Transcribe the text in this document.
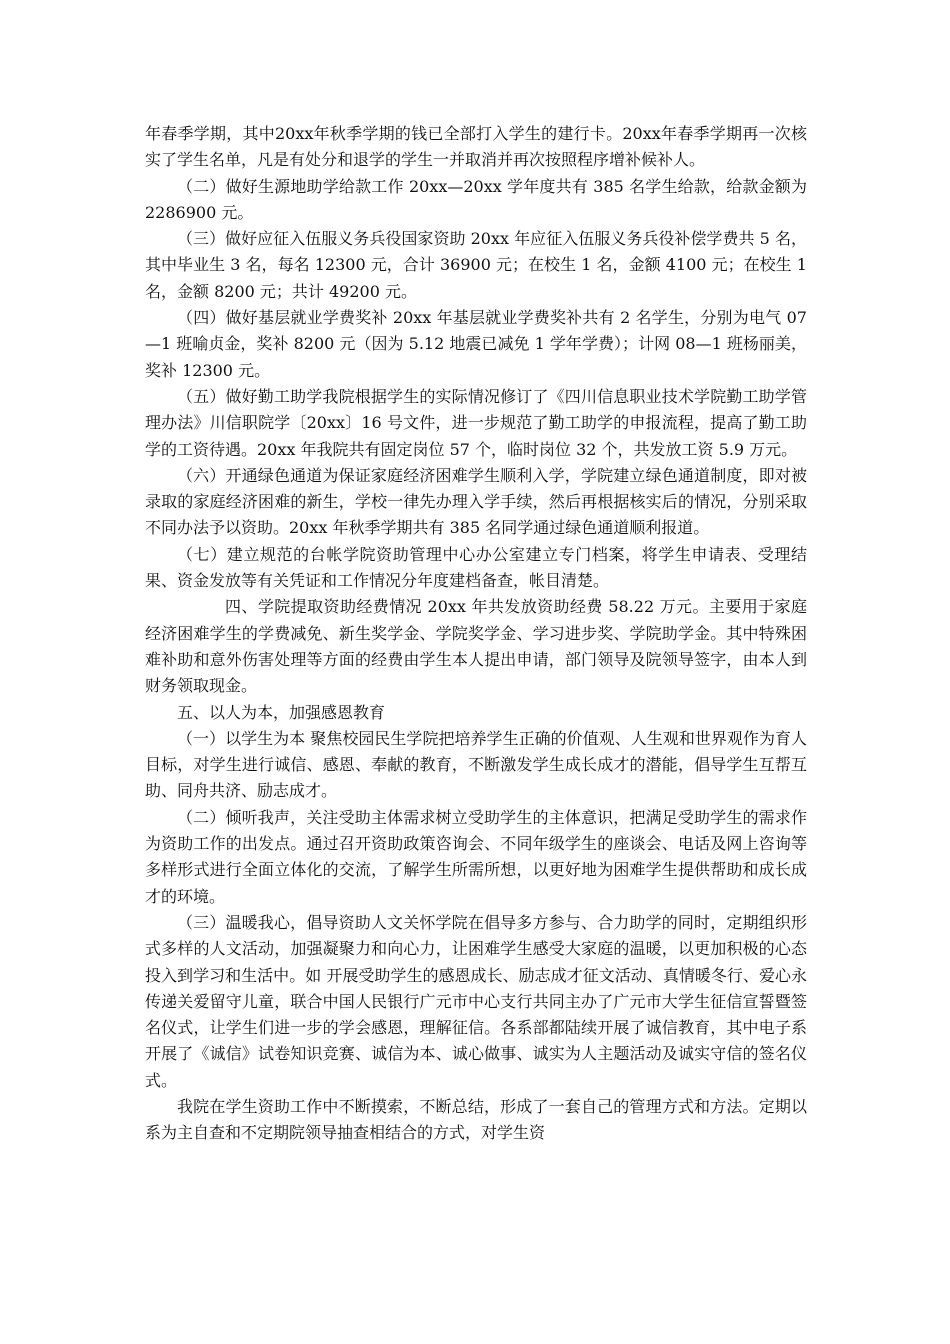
年春季学期，其中20xx年秋季学期的钱已全部打入学生的建行卡。20xx年春季学期再一次核实了学生名单，凡是有处分和退学的学生一并取消并再次按照程序增补候补人。

（二）做好生源地助学给款工作 20xx—20xx 学年度共有 385 名学生给款，给款金额为 2286900 元。

（三）做好应征入伍服义务兵役国家资助 20xx 年应征入伍服义务兵役补偿学费共 5 名，其中毕业生 3 名，每名 12300 元，合计 36900 元；在校生 1 名，金额 4100 元；在校生 1 名，金额 8200 元；共计 49200 元。

（四）做好基层就业学费奖补 20xx 年基层就业学费奖补共有 2 名学生，分别为电气 07—1 班喻贞金，奖补 8200 元（因为 5.12 地震已减免 1 学年学费）；计网 08—1 班杨丽美，奖补 12300 元。

（五）做好勤工助学我院根据学生的实际情况修订了《四川信息职业技术学院勤工助学管理办法》川信职院学〔20xx〕16 号文件，进一步规范了勤工助学的申报流程，提高了勤工助学的工资待遇。20xx 年我院共有固定岗位 57 个，临时岗位 32 个，共发放工资 5.9 万元。

（六）开通绿色通道为保证家庭经济困难学生顺利入学，学院建立绿色通道制度，即对被录取的家庭经济困难的新生，学校一律先办理入学手续，然后再根据核实后的情况，分别采取不同办法予以资助。20xx 年秋季学期共有 385 名同学通过绿色通道顺利报道。

（七）建立规范的台帐学院资助管理中心办公室建立专门档案，将学生申请表、受理结果、资金发放等有关凭证和工作情况分年度建档备查，帐目清楚。

四、学院提取资助经费情况 20xx 年共发放资助经费 58.22 万元。主要用于家庭经济困难学生的学费减免、新生奖学金、学院奖学金、学习进步奖、学院助学金。其中特殊困难补助和意外伤害处理等方面的经费由学生本人提出申请，部门领导及院领导签字，由本人到财务领取现金。

五、以人为本，加强感恩教育

（一）以学生为本 聚焦校园民生学院把培养学生正确的价值观、人生观和世界观作为育人目标，对学生进行诚信、感恩、奉献的教育，不断激发学生成长成才的潜能，倡导学生互帮互助、同舟共济、励志成才。

（二）倾听我声，关注受助主体需求树立受助学生的主体意识，把满足受助学生的需求作为资助工作的出发点。通过召开资助政策咨询会、不同年级学生的座谈会、电话及网上咨询等多样形式进行全面立体化的交流，了解学生所需所想，以更好地为困难学生提供帮助和成长成才的环境。

（三）温暖我心，倡导资助人文关怀学院在倡导多方参与、合力助学的同时，定期组织形式多样的人文活动，加强凝聚力和向心力，让困难学生感受大家庭的温暖，以更加积极的心态投入到学习和生活中。如 开展受助学生的感恩成长、励志成才征文活动、真情暖冬行、爱心永传递关爱留守儿童，联合中国人民银行广元市中心支行共同主办了广元市大学生征信宣誓暨签名仪式，让学生们进一步的学会感恩，理解征信。各系部都陆续开展了诚信教育，其中电子系开展了《诚信》试卷知识竞赛、诚信为本、诚心做事、诚实为人主题活动及诚实守信的签名仪式。

我院在学生资助工作中不断摸索，不断总结，形成了一套自己的管理方式和方法。定期以系为主自查和不定期院领导抽查相结合的方式，对学生资
